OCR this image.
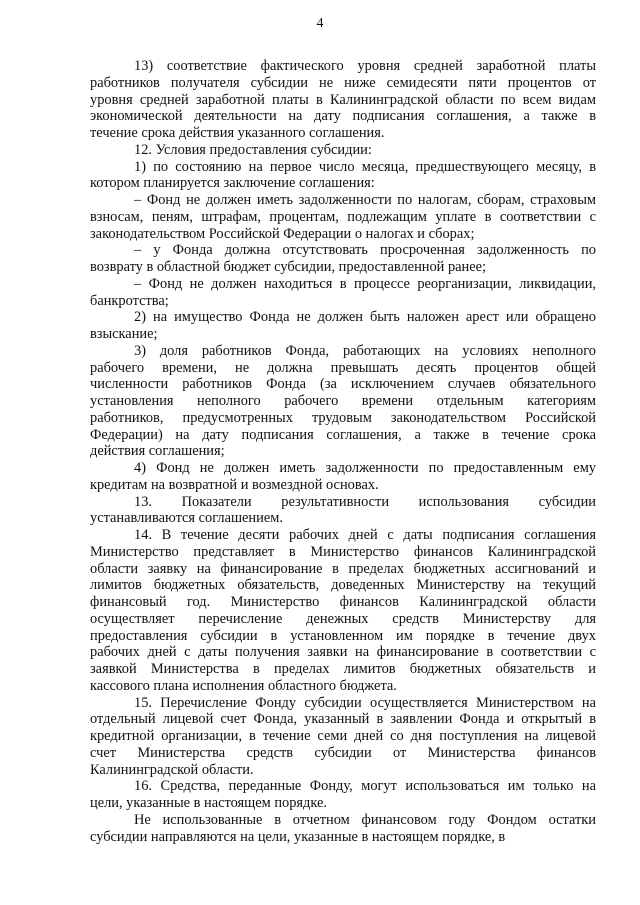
4
13) соответствие фактического уровня средней заработной платы
работников получателя субсидии не ниже семидесяти пяти процентов от
уровня средней заработной платы в Калининградской области по всем видам
экономической деятельности на дату подписания соглашения, а также в
течение срока действия указанного соглашения.
12. Условия предоставления субсидии:
1) по состоянию на первое число месяца, предшествующего месяцу, в
котором планируется заключение соглашения:
– Фонд не должен иметь задолженности по налогам, сборам, страховым
взносам, пеням, штрафам, процентам, подлежащим уплате в соответствии с
законодательством Российской Федерации о налогах и сборах;
– у Фонда должна отсутствовать просроченная задолженность по
возврату в областной бюджет субсидии, предоставленной ранее;
– Фонд не должен находиться в процессе реорганизации, ликвидации,
банкротства;
2) на имущество Фонда не должен быть наложен арест или обращено
взыскание;
3) доля работников Фонда, работающих на условиях неполного
рабочего времени, не должна превышать десять процентов общей
численности работников Фонда (за исключением случаев обязательного
установления неполного рабочего времени отдельным категориям
работников, предусмотренных трудовым законодательством Российской
Федерации) на дату подписания соглашения, а также в течение срока
действия соглашения;
4) Фонд не должен иметь задолженности по предоставленным ему
кредитам на возвратной и возмездной основах.
13. Показатели результативности использования субсидии
устанавливаются соглашением.
14. В течение десяти рабочих дней с даты подписания соглашения
Министерство представляет в Министерство финансов Калининградской
области заявку на финансирование в пределах бюджетных ассигнований и
лимитов бюджетных обязательств, доведенных Министерству на текущий
финансовый год. Министерство финансов Калининградской области
осуществляет перечисление денежных средств Министерству для
предоставления субсидии в установленном им порядке в течение двух
рабочих дней с даты получения заявки на финансирование в соответствии с
заявкой Министерства в пределах лимитов бюджетных обязательств и
кассового плана исполнения областного бюджета.
15. Перечисление Фонду субсидии осуществляется Министерством на
отдельный лицевой счет Фонда, указанный в заявлении Фонда и открытый в
кредитной организации, в течение семи дней со дня поступления на лицевой
счет Министерства средств субсидии от Министерства финансов
Калининградской области.
16. Средства, переданные Фонду, могут использоваться им только на
цели, указанные в настоящем порядке.
Не использованные в отчетном финансовом году Фондом остатки
субсидии направляются на цели, указанные в настоящем порядке, в
